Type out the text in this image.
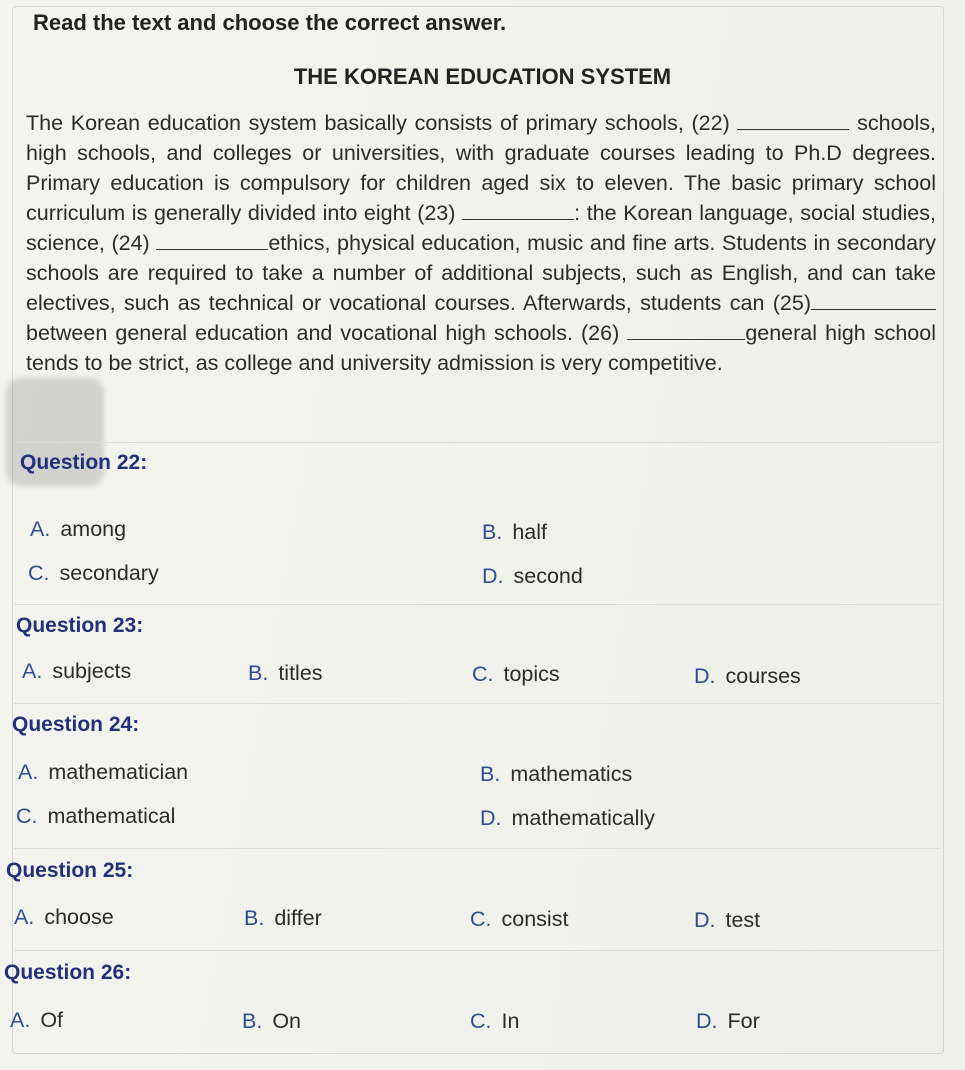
Read the text and choose the correct answer.
THE KOREAN EDUCATION SYSTEM
The Korean education system basically consists of primary schools, (22)	schools, high schools, and colleges or universities, with graduate courses leading to Ph.D degrees. Primary education is compulsory for children aged six to eleven. The basic primary school curriculum is generally divided into eight (23)	: the Korean language, social studies, science, (24)	ethics, physical education, music and fine arts. Students in secondary schools are required to take a number of additional subjects, such as English, and can take electives, such as technical or vocational courses. Afterwards, students can (25) between general education and vocational high schools. (26)	general high school tends to be strict, as college and university admission is very competitive.
Question 22:
A. among	B. half
C. secondary	D. second
Question 23:
A. subjects	B. titles	C. topics	D. courses
Question 24:
A. mathematician	B. mathematics
C. mathematical	D. mathematically
Question 25:
A. choose	B. differ	C. consist	D. test
Question 26:
A. Of	B. On	C. In	D. For
